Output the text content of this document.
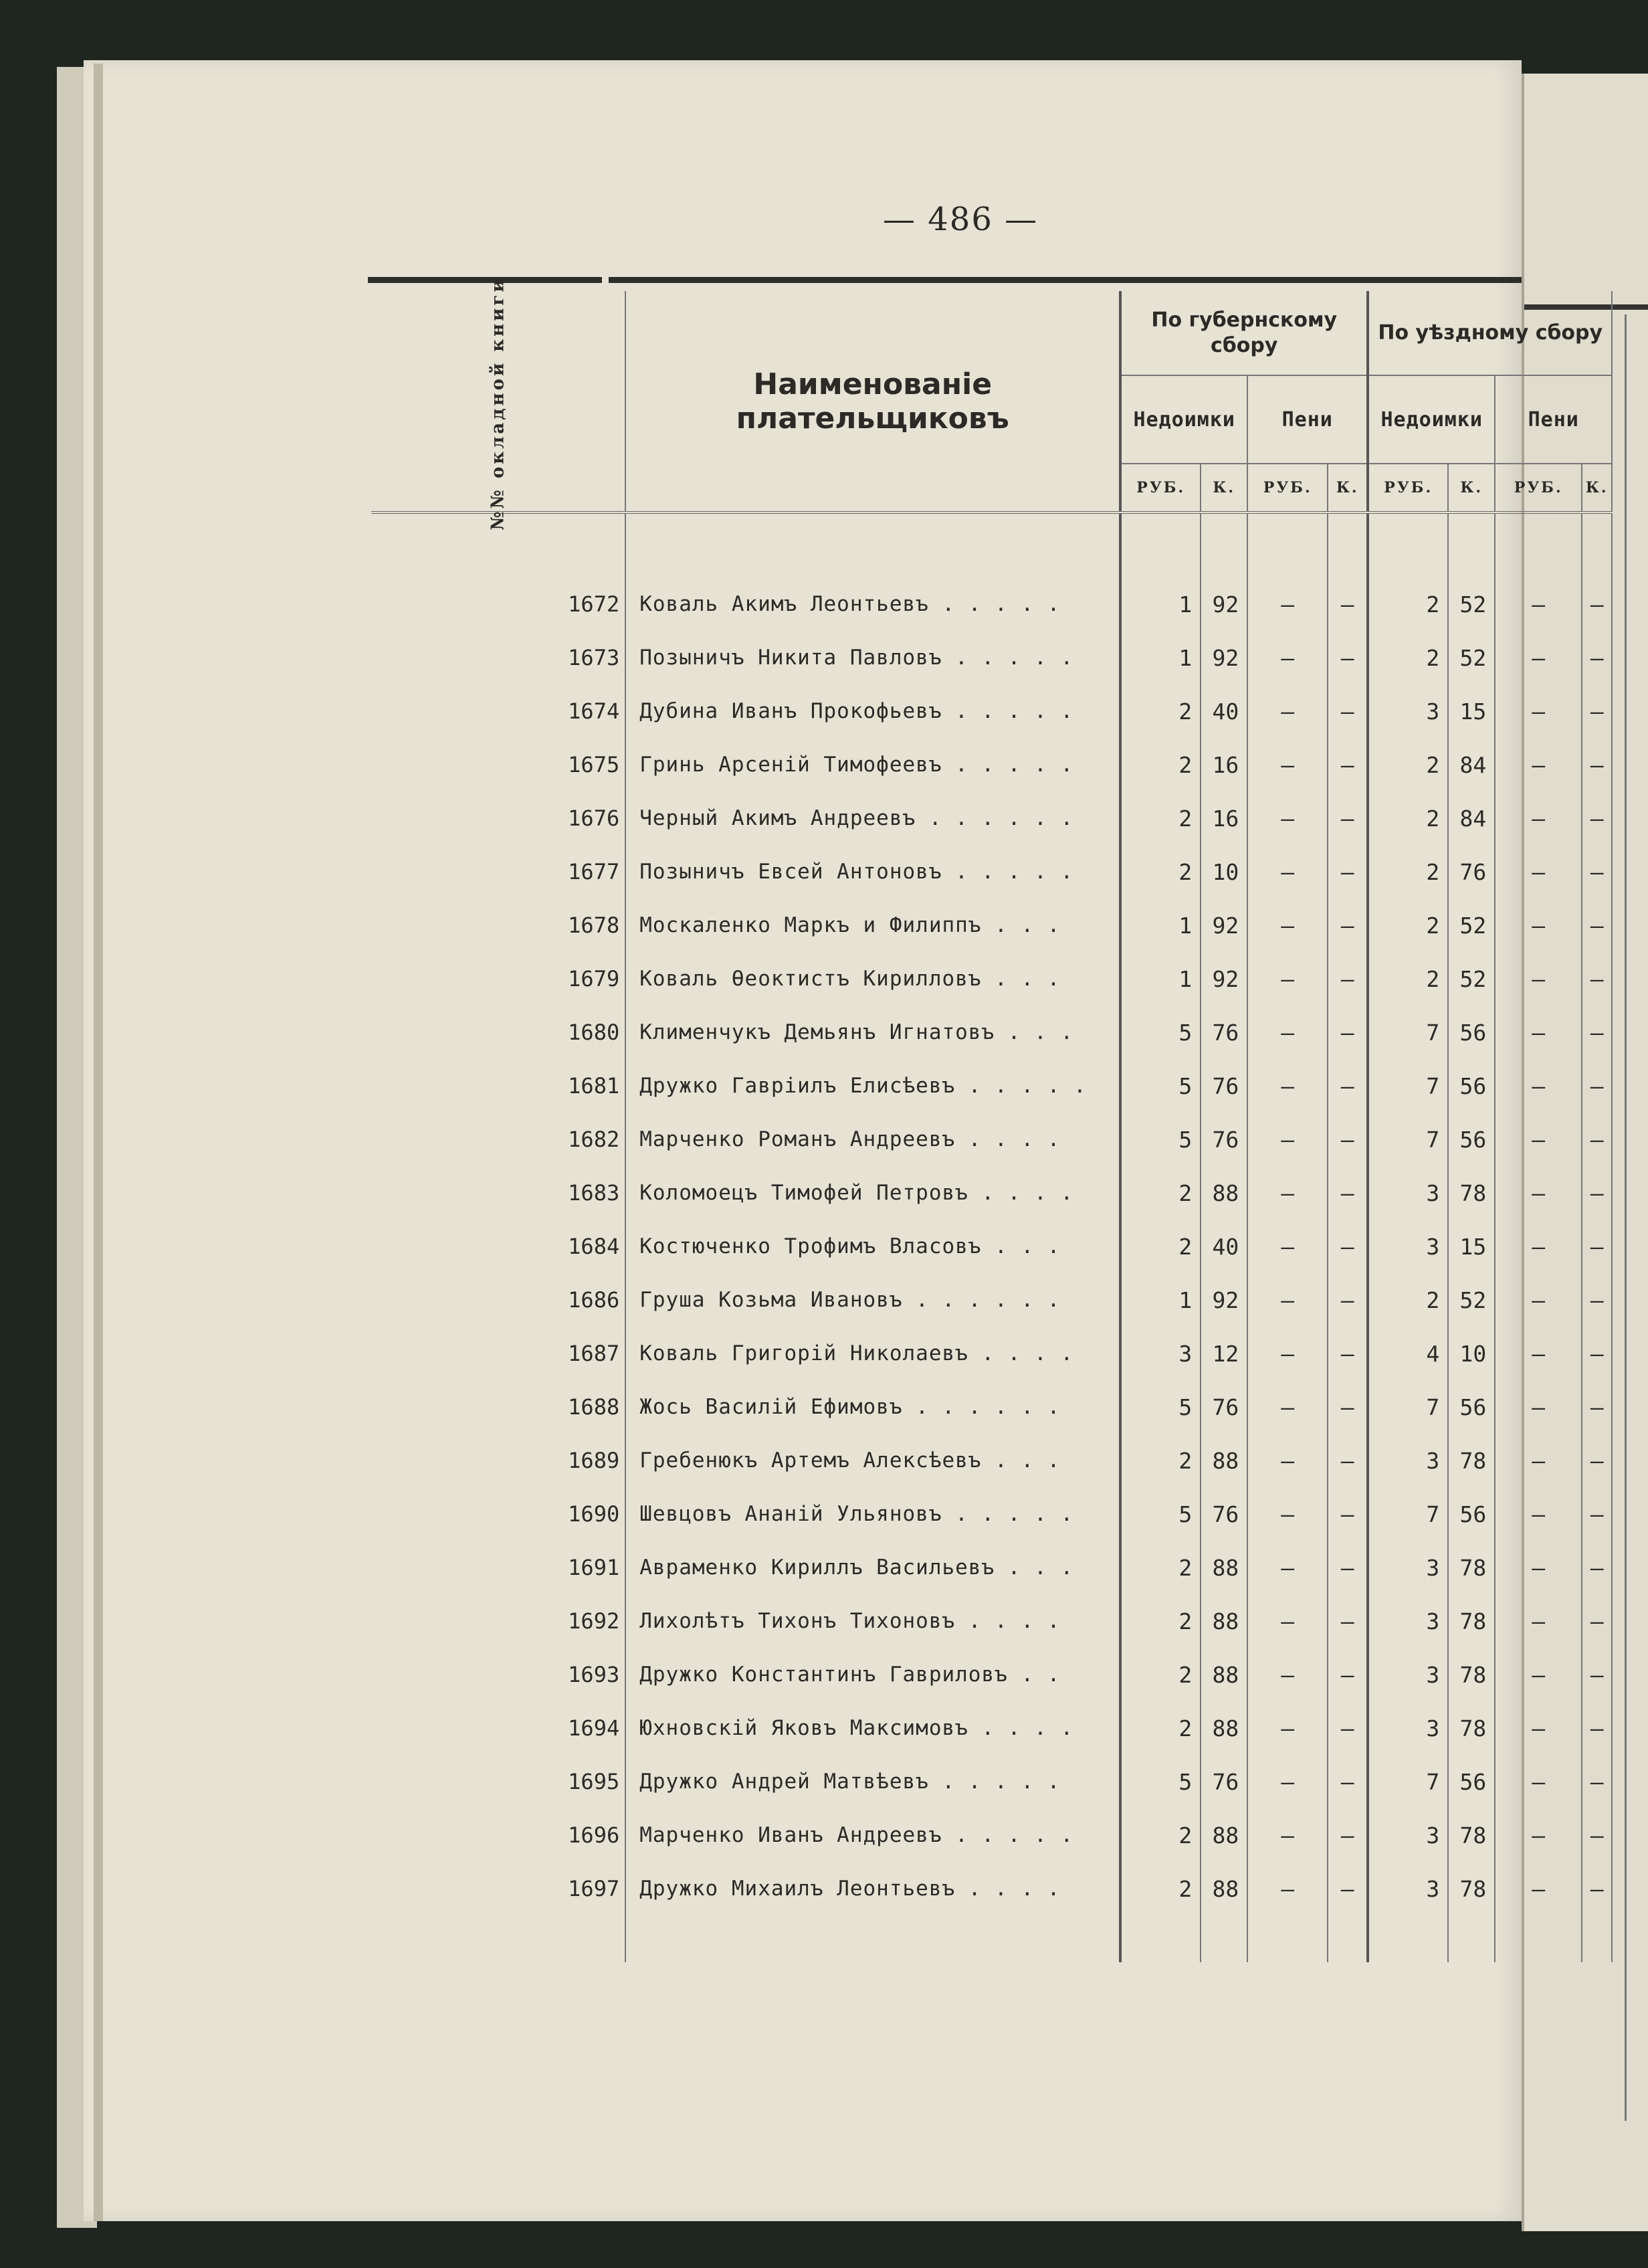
— 486 —
№№ окладной книги	Наименованіе плательщиковъ	По губернскому сбору				По уѣздному сбору			
		Недоимки		Пени		Недоимки		Пени	
		РУБ.	К.	РУБ.	К.	РУБ.	К.	РУБ.	К.

1672	Коваль Акимъ Леонтьевъ . . . . .	1	92	—	—	2	52	—	—
1673	Позыничъ Никита Павловъ . . . . .	1	92	—	—	2	52	—	—
1674	Дубина Иванъ Прокофьевъ . . . . .	2	40	—	—	3	15	—	—
1675	Гринь Арсеній Тимофеевъ . . . . .	2	16	—	—	2	84	—	—
1676	Черный Акимъ Андреевъ . . . . . .	2	16	—	—	2	84	—	—
1677	Позыничъ Евсей Антоновъ . . . . .	2	10	—	—	2	76	—	—
1678	Москаленко Маркъ и Филиппъ . . .	1	92	—	—	2	52	—	—
1679	Коваль Ѳеоктистъ Кирилловъ . . .	1	92	—	—	2	52	—	—
1680	Клименчукъ Демьянъ Игнатовъ . . .	5	76	—	—	7	56	—	—
1681	Дружко Гавріилъ Елисѣевъ . . . . .	5	76	—	—	7	56	—	—
1682	Марченко Романъ Андреевъ . . . .	5	76	—	—	7	56	—	—
1683	Коломоецъ Тимофей Петровъ . . . .	2	88	—	—	3	78	—	—
1684	Костюченко Трофимъ Власовъ . . .	2	40	—	—	3	15	—	—
1686	Груша Козьма Ивановъ . . . . . .	1	92	—	—	2	52	—	—
1687	Коваль Григорій Николаевъ . . . .	3	12	—	—	4	10	—	—
1688	Жось Василій Ефимовъ . . . . . .	5	76	—	—	7	56	—	—
1689	Гребенюкъ Артемъ Алексѣевъ . . .	2	88	—	—	3	78	—	—
1690	Шевцовъ Ананій Ульяновъ . . . . .	5	76	—	—	7	56	—	—
1691	Авраменко Кириллъ Васильевъ . . .	2	88	—	—	3	78	—	—
1692	Лихолѣтъ Тихонъ Тихоновъ . . . .	2	88	—	—	3	78	—	—
1693	Дружко Константинъ Гавриловъ . .	2	88	—	—	3	78	—	—
1694	Юхновскій Яковъ Максимовъ . . . .	2	88	—	—	3	78	—	—
1695	Дружко Андрей Матвѣевъ . . . . .	5	76	—	—	7	56	—	—
1696	Марченко Иванъ Андреевъ . . . . .	2	88	—	—	3	78	—	—
1697	Дружко Михаилъ Леонтьевъ . . . .	2	88	—	—	3	78	—	—
